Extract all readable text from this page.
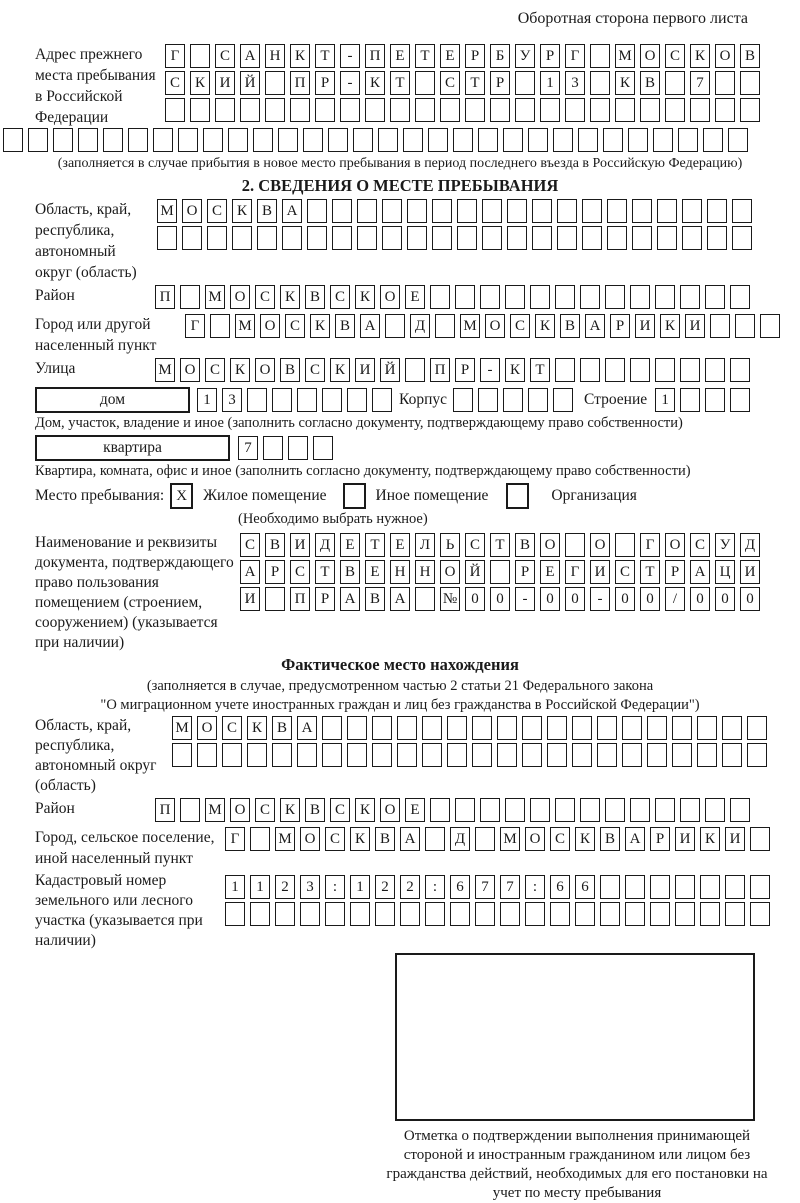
Оборотная сторона первого листа
Адрес прежнего места пребывания в Российской Федерации
Г	С А Н К	Т	-	П Е	Т	Е	Р	Б	У	Р	Г	М О С К О В
С К И Й	П	Р	-	К	Т	С	Т	Р	1	3	К В	7
(заполняется в случае прибытия в новое место пребывания в период последнего въезда в Российскую Федерацию)
2. СВЕДЕНИЯ О МЕСТЕ ПРЕБЫВАНИЯ
Область, край, республика, автономный округ (область)
М О С К В А
Район	П	М О С К В С К О Е
Город или другой населенный пункт
Г	М О С К В А	Д	М О С К В А	Р	И К И
Улица	М О С К О В С К И Й	П	Р	-	К	Т
дом	1	3	Корпус	Строение 1
Дом, участок, владение и иное (заполнить согласно документу, подтверждающему право собственности)
квартира	7
Квартира, комната, офис и иное (заполнить согласно документу, подтверждающему право собственности)
Место пребывания: X	Жилое помещение	Иное помещение	Организация
(Необходимо выбрать нужное)
Наименование и реквизиты документа, подтверждающего право пользования помещением (строением, сооружением) (указывается при наличии)
С В И Д	Е	Т	Е	Л	Ь	С	Т	В О	О	Г	О С У Д
А	Р	С	Т	В	Е	Н Н О Й	Р	Е	Г	И С	Т	Р	А Ц И
И	П	Р	А В А	№ 0	0	-	0	0	-	0	0	/	0	0	0
Фактическое место нахождения
(заполняется в случае, предусмотренном частью 2 статьи 21 Федерального закона
"О миграционном учете иностранных граждан и лиц без гражданства в Российской Федерации")
Область, край, республика, автономный округ (область)
М О С К В А
Район	П	М О С К В С К О Е
Город, сельское поселение, иной населенный пункт
Г	М О С К В А	Д	М О С К В А	Р	И К И
Кадастровый номер земельного или лесного участка (указывается при наличии)
1	1	2	3	:	1	2	2	:	6	7	7	:	6	6
Отметка о подтверждении выполнения принимающей стороной и иностранным гражданином или лицом без гражданства действий, необходимых для его постановки на учет по месту пребывания
